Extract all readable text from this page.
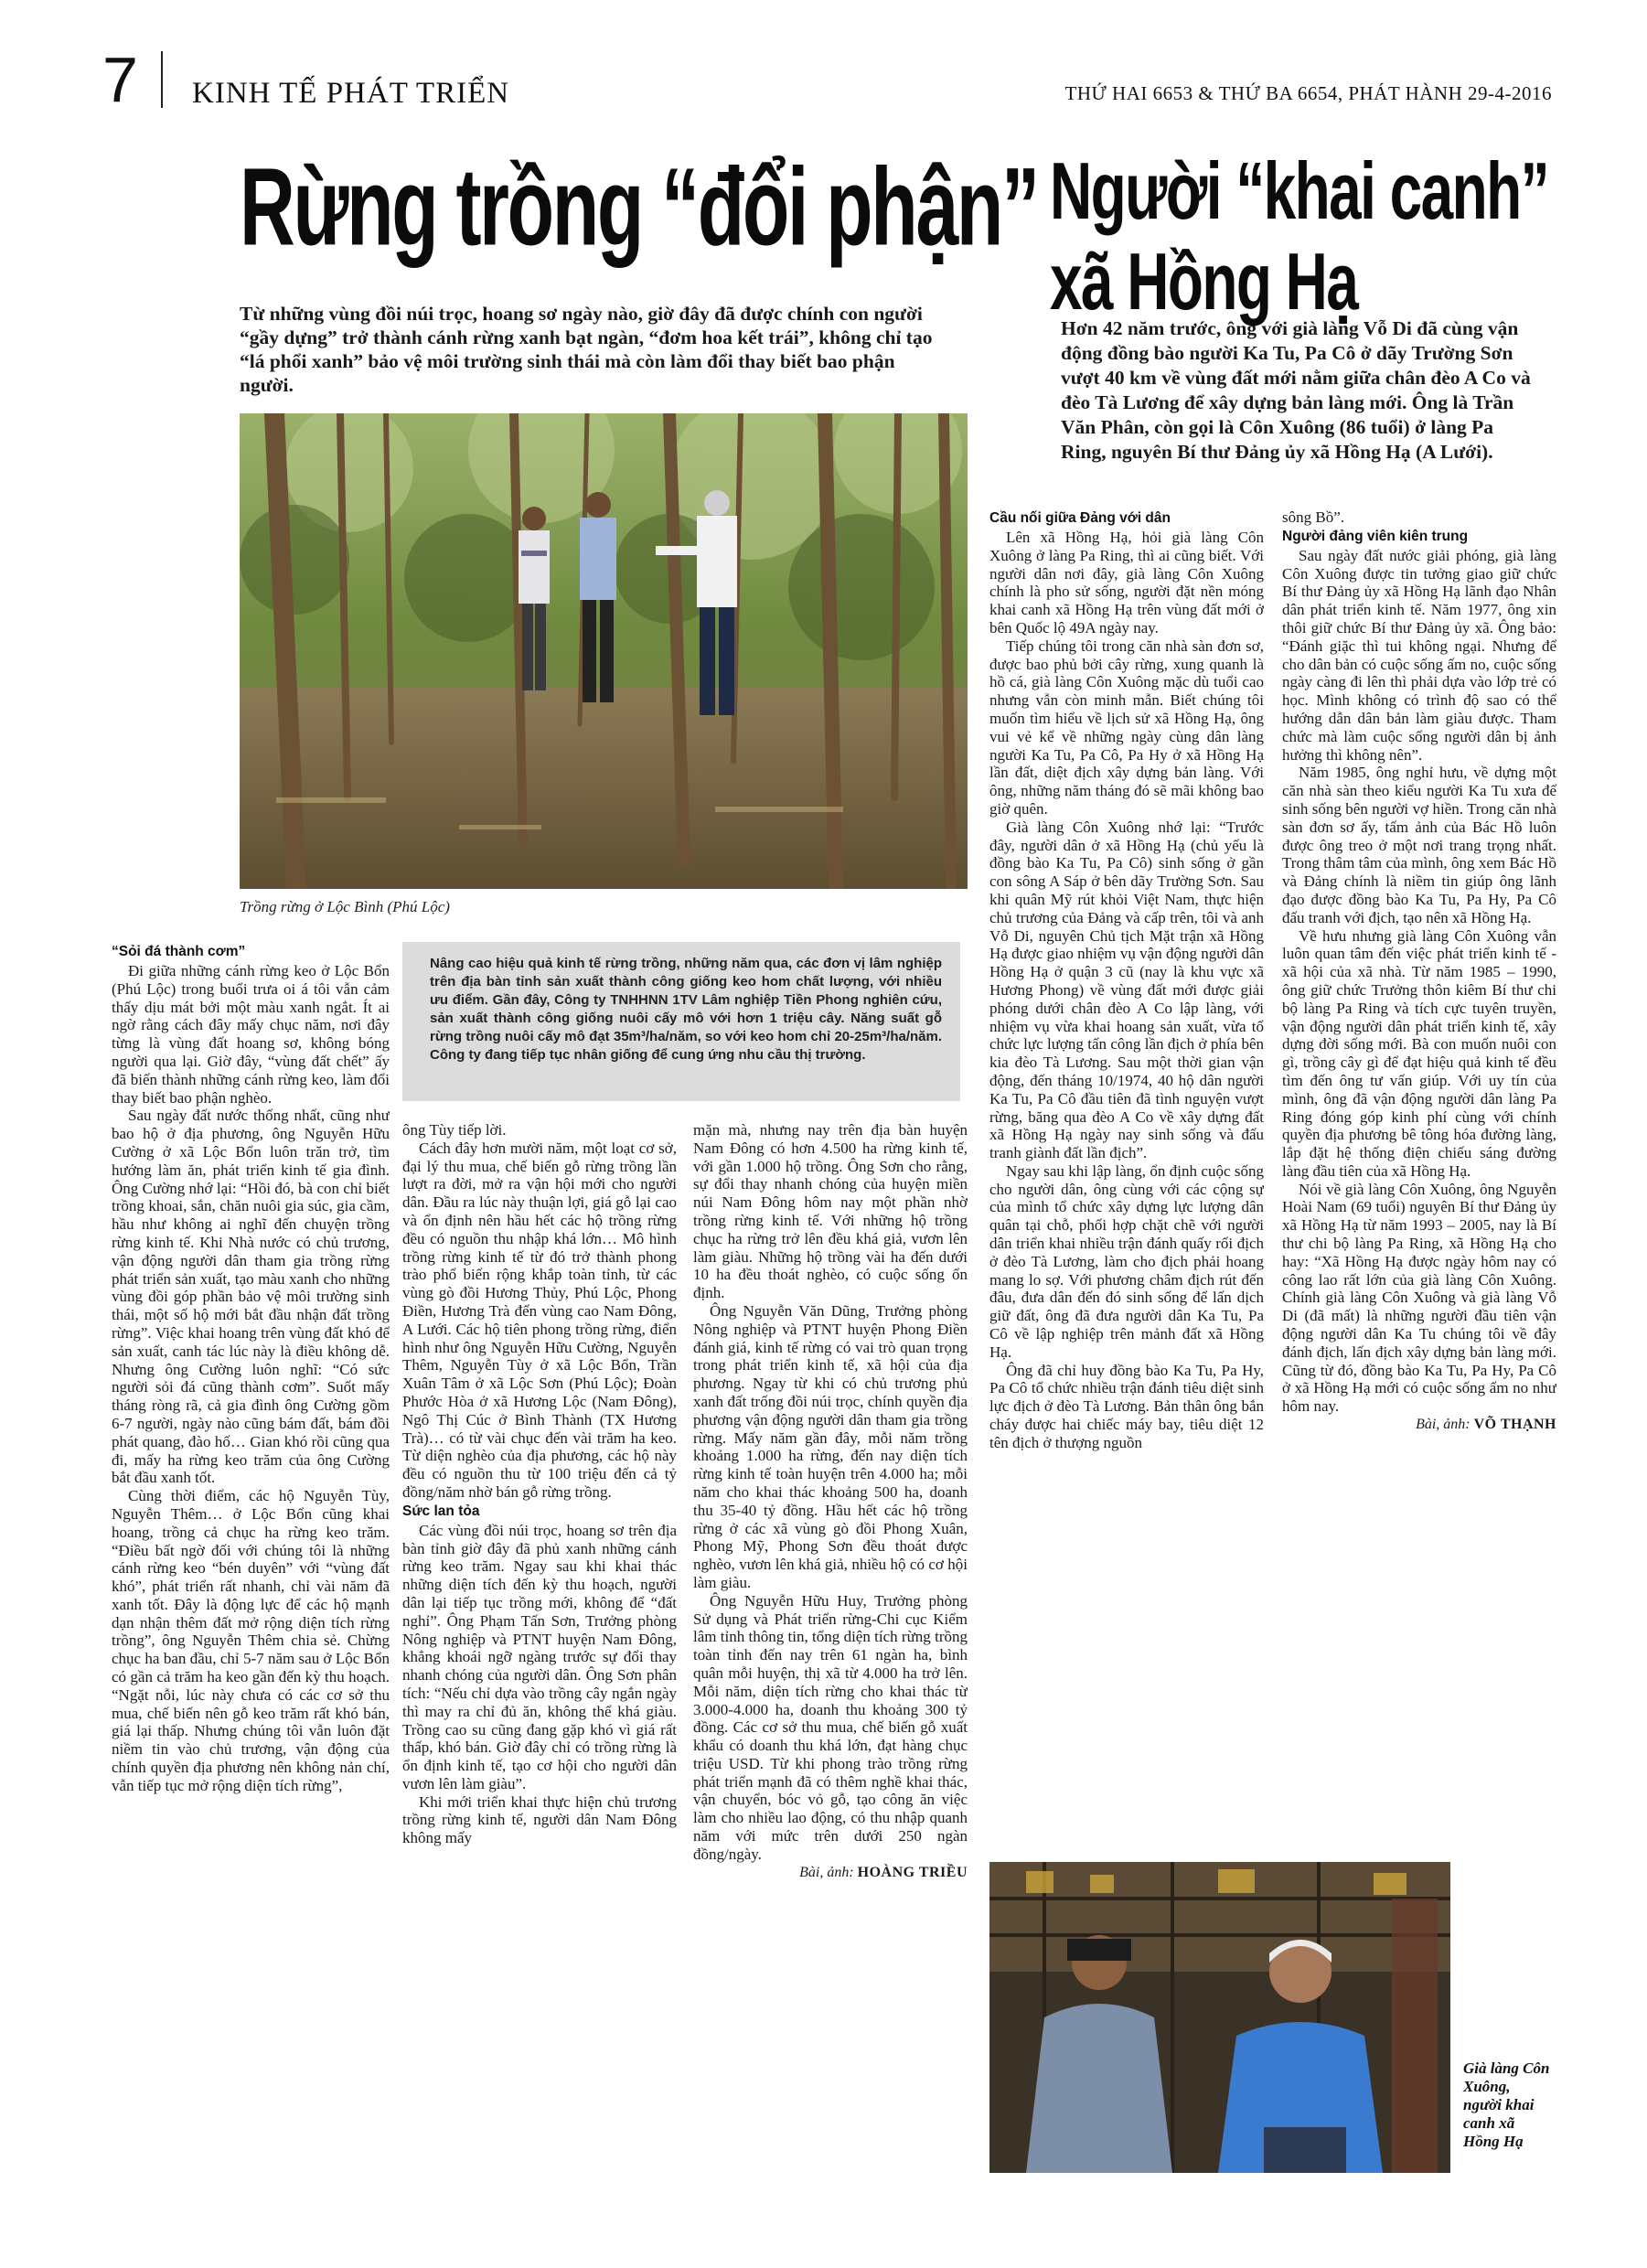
7 KINH TẾ PHÁT TRIỂN	THỨ HAI 6653 & THỨ BA 6654, PHÁT HÀNH 29-4-2016
Rừng trồng “đổi phận”
Từ những vùng đồi núi trọc, hoang sơ ngày nào, giờ đây đã được chính con người “gầy dựng” trở thành cánh rừng xanh bạt ngàn, “đơm hoa kết trái”, không chỉ tạo “lá phổi xanh” bảo vệ môi trường sinh thái mà còn làm đổi thay biết bao phận người.
Người “khai canh”
xã Hồng Hạ
Hơn 42 năm trước, ông với già làng Vỗ Di đã cùng vận động đồng bào người Ka Tu, Pa Cô ở dãy Trường Sơn vượt 40 km về vùng đất mới nằm giữa chân đèo A Co và đèo Tà Lương để xây dựng bản làng mới. Ông là Trần Văn Phân, còn gọi là Côn Xuông (86 tuổi) ở làng Pa Ring, nguyên Bí thư Đảng ủy xã Hồng Hạ (A Lưới).
Trồng rừng ở Lộc Bình (Phú Lộc)

Nâng cao hiệu quả kinh tế rừng trồng, những năm qua, các đơn vị lâm nghiệp trên địa bàn tỉnh sản xuất thành công giống keo hom chất lượng, với nhiều ưu điểm. Gần đây, Công ty TNHHNN 1TV Lâm nghiệp Tiền Phong nghiên cứu, sản xuất thành công giống nuôi cấy mô với hơn 1 triệu cây. Năng suất gỗ rừng trồng nuôi cấy mô đạt 35m³/ha/năm, so với keo hom chỉ 20-25m³/ha/năm. Công ty đang tiếp tục nhân giống để cung ứng nhu cầu thị trường.

“Sỏi đá thành cơm”

Đi giữa những cánh rừng keo ở Lộc Bổn (Phú Lộc) trong buổi trưa oi á tôi vẫn cảm thấy dịu mát bởi một màu xanh ngắt. Ít ai ngờ rằng cách đây mấy chục năm, nơi đây từng là vùng đất hoang sơ, không bóng người qua lại. Giờ đây, “vùng đất chết” ấy đã biến thành những cánh rừng keo, làm đổi thay biết bao phận nghèo.

Sau ngày đất nước thống nhất, cũng như bao hộ ở địa phương, ông Nguyễn Hữu Cường ở xã Lộc Bổn luôn trăn trở, tìm hướng làm ăn, phát triển kinh tế gia đình. Ông Cường nhớ lại: “Hồi đó, bà con chỉ biết trồng khoai, sắn, chăn nuôi gia súc, gia cầm, hầu như không ai nghĩ đến chuyện trồng rừng kinh tế. Khi Nhà nước có chủ trương, vận động người dân tham gia trồng rừng phát triển sản xuất, tạo màu xanh cho những vùng đồi góp phần bảo vệ môi trường sinh thái, một số hộ mới bắt đầu nhận đất trồng rừng”. Việc khai hoang trên vùng đất khó để sản xuất, canh tác lúc này là điều không dễ. Nhưng ông Cường luôn nghĩ: “Có sức người sỏi đá cũng thành cơm”. Suốt mấy tháng ròng rã, cả gia đình ông Cường gồm 6-7 người, ngày nào cũng bám đất, bám đồi phát quang, đào hố… Gian khó rồi cũng qua đi, mấy ha rừng keo trăm của ông Cường bắt đầu xanh tốt.

Cùng thời điểm, các hộ Nguyễn Tùy, Nguyễn Thêm… ở Lộc Bổn cũng khai hoang, trồng cả chục ha rừng keo trăm. “Điều bất ngờ đối với chúng tôi là những cánh rừng keo “bén duyên” với “vùng đất khó”, phát triển rất nhanh, chỉ vài năm đã xanh tốt. Đây là động lực để các hộ mạnh dạn nhận thêm đất mở rộng diện tích rừng trồng”, ông Nguyễn Thêm chia sẻ. Chừng chục ha ban đầu, chỉ 5-7 năm sau ở Lộc Bổn có gần cả trăm ha keo gần đến kỳ thu hoạch. “Ngặt nỗi, lúc này chưa có các cơ sở thu mua, chế biến nên gỗ keo trăm rất khó bán, giá lại thấp. Nhưng chúng tôi vẫn luôn đặt niềm tin vào chủ trương, vận động của chính quyền địa phương nên không nản chí, vẫn tiếp tục mở rộng diện tích rừng”,

ông Tùy tiếp lời.

Cách đây hơn mười năm, một loạt cơ sở, đại lý thu mua, chế biến gỗ rừng trồng lần lượt ra đời, mở ra vận hội mới cho người dân. Đầu ra lúc này thuận lợi, giá gỗ lại cao và ổn định nên hầu hết các hộ trồng rừng đều có nguồn thu nhập khá lớn… Mô hình trồng rừng kinh tế từ đó trở thành phong trào phổ biến rộng khắp toàn tỉnh, từ các vùng gò đồi Hương Thủy, Phú Lộc, Phong Điền, Hương Trà đến vùng cao Nam Đông, A Lưới. Các hộ tiên phong trồng rừng, điển hình như ông Nguyễn Hữu Cường, Nguyễn Thêm, Nguyễn Tùy ở xã Lộc Bổn, Trần Xuân Tâm ở xã Lộc Sơn (Phú Lộc); Đoàn Phước Hòa ở xã Hương Lộc (Nam Đông), Ngô Thị Cúc ở Bình Thành (TX Hương Trà)… có từ vài chục đến vài trăm ha keo. Từ diện nghèo của địa phương, các hộ này đều có nguồn thu từ 100 triệu đến cả tỷ đồng/năm nhờ bán gỗ rừng trồng.

Sức lan tỏa

Các vùng đồi núi trọc, hoang sơ trên địa bàn tỉnh giờ đây đã phủ xanh những cánh rừng keo trăm. Ngay sau khi khai thác những diện tích đến kỳ thu hoạch, người dân lại tiếp tục trồng mới, không để “đất nghỉ”. Ông Phạm Tấn Sơn, Trưởng phòng Nông nghiệp và PTNT huyện Nam Đông, khẳng khoái ngỡ ngàng trước sự đổi thay nhanh chóng của người dân. Ông Sơn phân tích: “Nếu chỉ dựa vào trồng cây ngắn ngày thì may ra chỉ đủ ăn, không thể khá giàu. Trồng cao su cũng đang gặp khó vì giá rất thấp, khó bán. Giờ đây chỉ có trồng rừng là ổn định kinh tế, tạo cơ hội cho người dân vươn lên làm giàu”.

Khi mới triển khai thực hiện chủ trương trồng rừng kinh tế, người dân Nam Đông không mấy

mặn mà, nhưng nay trên địa bàn huyện Nam Đông có hơn 4.500 ha rừng kinh tế, với gần 1.000 hộ trồng. Ông Sơn cho rằng, sự đổi thay nhanh chóng của huyện miền núi Nam Đông hôm nay một phần nhờ trồng rừng kinh tế. Với những hộ trồng chục ha rừng trở lên đều khá giả, vươn lên làm giàu. Những hộ trồng vài ha đến dưới 10 ha đều thoát nghèo, có cuộc sống ổn định.

Ông Nguyễn Văn Dũng, Trưởng phòng Nông nghiệp và PTNT huyện Phong Điền đánh giá, kinh tế rừng có vai trò quan trọng trong phát triển kinh tế, xã hội của địa phương. Ngay từ khi có chủ trương phủ xanh đất trống đồi núi trọc, chính quyền địa phương vận động người dân tham gia trồng rừng. Mấy năm gần đây, mỗi năm trồng khoảng 1.000 ha rừng, đến nay diện tích rừng kinh tế toàn huyện trên 4.000 ha; mỗi năm cho khai thác khoảng 500 ha, doanh thu 35-40 tỷ đồng. Hầu hết các hộ trồng rừng ở các xã vùng gò đồi Phong Xuân, Phong Mỹ, Phong Sơn đều thoát được nghèo, vươn lên khá giả, nhiều hộ có cơ hội làm giàu.

Ông Nguyễn Hữu Huy, Trưởng phòng Sử dụng và Phát triển rừng-Chi cục Kiểm lâm tỉnh thông tin, tổng diện tích rừng trồng toàn tỉnh đến nay trên 61 ngàn ha, bình quân mỗi huyện, thị xã từ 4.000 ha trở lên. Mỗi năm, diện tích rừng cho khai thác từ 3.000-4.000 ha, doanh thu khoảng 300 tỷ đồng. Các cơ sở thu mua, chế biến gỗ xuất khẩu có doanh thu khá lớn, đạt hàng chục triệu USD. Từ khi phong trào trồng rừng phát triển mạnh đã có thêm nghề khai thác, vận chuyển, bóc vỏ gỗ, tạo công ăn việc làm cho nhiều lao động, có thu nhập quanh năm với mức trên dưới 250 ngàn đồng/ngày.

Bài, ảnh: HOÀNG TRIỀU

Cầu nối giữa Đảng với dân

Lên xã Hồng Hạ, hỏi già làng Côn Xuông ở làng Pa Ring, thì ai cũng biết. Với người dân nơi đây, già làng Côn Xuông chính là pho sử sống, người đặt nền móng khai canh xã Hồng Hạ trên vùng đất mới ở bên Quốc lộ 49A ngày nay.

Tiếp chúng tôi trong căn nhà sàn đơn sơ, được bao phủ bởi cây rừng, xung quanh là hồ cá, già làng Côn Xuông mặc dù tuổi cao nhưng vẫn còn minh mẫn. Biết chúng tôi muốn tìm hiểu về lịch sử xã Hồng Hạ, ông vui vẻ kể về những ngày cùng dân làng người Ka Tu, Pa Cô, Pa Hy ở xã Hồng Hạ lần đất, diệt địch xây dựng bản làng. Với ông, những năm tháng đó sẽ mãi không bao giờ quên.

Già làng Côn Xuông nhớ lại: “Trước đây, người dân ở xã Hồng Hạ (chủ yếu là đồng bào Ka Tu, Pa Cô) sinh sống ở gần con sông A Sáp ở bên dãy Trường Sơn. Sau khi quân Mỹ rút khỏi Việt Nam, thực hiện chủ trương của Đảng và cấp trên, tôi và anh Vỗ Di, nguyên Chủ tịch Mặt trận xã Hồng Hạ được giao nhiệm vụ vận động người dân Hồng Hạ ở quận 3 cũ (nay là khu vực xã Hương Phong) về vùng đất mới được giải phóng dưới chân đèo A Co lập làng, với nhiệm vụ vừa khai hoang sản xuất, vừa tổ chức lực lượng tấn công lần địch ở phía bên kia đèo Tà Lương. Sau một thời gian vận động, đến tháng 10/1974, 40 hộ dân người Ka Tu, Pa Cô đầu tiên đã tình nguyện vượt rừng, băng qua đèo A Co về xây dựng đất xã Hồng Hạ ngày nay sinh sống và đấu tranh giành đất lần địch”.

Ngay sau khi lập làng, ổn định cuộc sống cho người dân, ông cùng với các cộng sự của mình tổ chức xây dựng lực lượng dân quân tại chỗ, phối hợp chặt chẽ với người dân triển khai nhiều trận đánh quấy rối địch ở đèo Tà Lương, làm cho địch phải hoang mang lo sợ. Với phương châm địch rút đến đâu, đưa dân đến đó sinh sống để lấn dịch giữ đất, ông đã đưa người dân Ka Tu, Pa Cô về lập nghiệp trên mảnh đất xã Hồng Hạ.

Ông đã chỉ huy đồng bào Ka Tu, Pa Hy, Pa Cô tổ chức nhiều trận đánh tiêu diệt sinh lực địch ở đèo Tà Lương. Bản thân ông bắn cháy được hai chiếc máy bay, tiêu diệt 12 tên địch ở thượng nguồn

sông Bồ”.

Người đảng viên kiên trung

Sau ngày đất nước giải phóng, già làng Côn Xuông được tin tưởng giao giữ chức Bí thư Đảng ủy xã Hồng Hạ lãnh đạo Nhân dân phát triển kinh tế. Năm 1977, ông xin thôi giữ chức Bí thư Đảng ủy xã. Ông bảo: “Đánh giặc thì tui không ngại. Nhưng để cho dân bản có cuộc sống ấm no, cuộc sống ngày càng đi lên thì phải dựa vào lớp trẻ có học. Mình không có trình độ sao có thể hướng dẫn dân bản làm giàu được. Tham chức mà làm cuộc sống người dân bị ảnh hưởng thì không nên”.

Năm 1985, ông nghỉ hưu, về dựng một căn nhà sàn theo kiểu người Ka Tu xưa để sinh sống bên người vợ hiền. Trong căn nhà sàn đơn sơ ấy, tấm ảnh của Bác Hồ luôn được ông treo ở một nơi trang trọng nhất. Trong thâm tâm của mình, ông xem Bác Hồ và Đảng chính là niềm tin giúp ông lãnh đạo được đồng bào Ka Tu, Pa Hy, Pa Cô đấu tranh với địch, tạo nên xã Hồng Hạ.

Về hưu nhưng già làng Côn Xuông vẫn luôn quan tâm đến việc phát triển kinh tế - xã hội của xã nhà. Từ năm 1985 – 1990, ông giữ chức Trưởng thôn kiêm Bí thư chi bộ làng Pa Ring và tích cực tuyên truyền, vận động người dân phát triển kinh tế, xây dựng đời sống mới. Bà con muốn nuôi con gì, trồng cây gì để đạt hiệu quả kinh tế đều tìm đến ông tư vấn giúp. Với uy tín của mình, ông đã vận động người dân làng Pa Ring đóng góp kinh phí cùng với chính quyền địa phương bê tông hóa đường làng, lắp đặt hệ thống điện chiếu sáng đường làng đầu tiên của xã Hồng Hạ.

Nói về già làng Côn Xuông, ông Nguyễn Hoài Nam (69 tuổi) nguyên Bí thư Đảng ủy xã Hồng Hạ từ năm 1993 – 2005, nay là Bí thư chi bộ làng Pa Ring, xã Hồng Hạ cho hay: “Xã Hồng Hạ được ngày hôm nay có công lao rất lớn của già làng Côn Xuông. Chính già làng Côn Xuông và già làng Vỗ Di (đã mất) là những người đầu tiên vận động người dân Ka Tu chúng tôi về đây đánh địch, lấn địch xây dựng bản làng mới. Cũng từ đó, đồng bào Ka Tu, Pa Hy, Pa Cô ở xã Hồng Hạ mới có cuộc sống ấm no như hôm nay.

Bài, ảnh: VÕ THẠNH

Già làng Côn Xuông, người khai canh xã Hồng Hạ
